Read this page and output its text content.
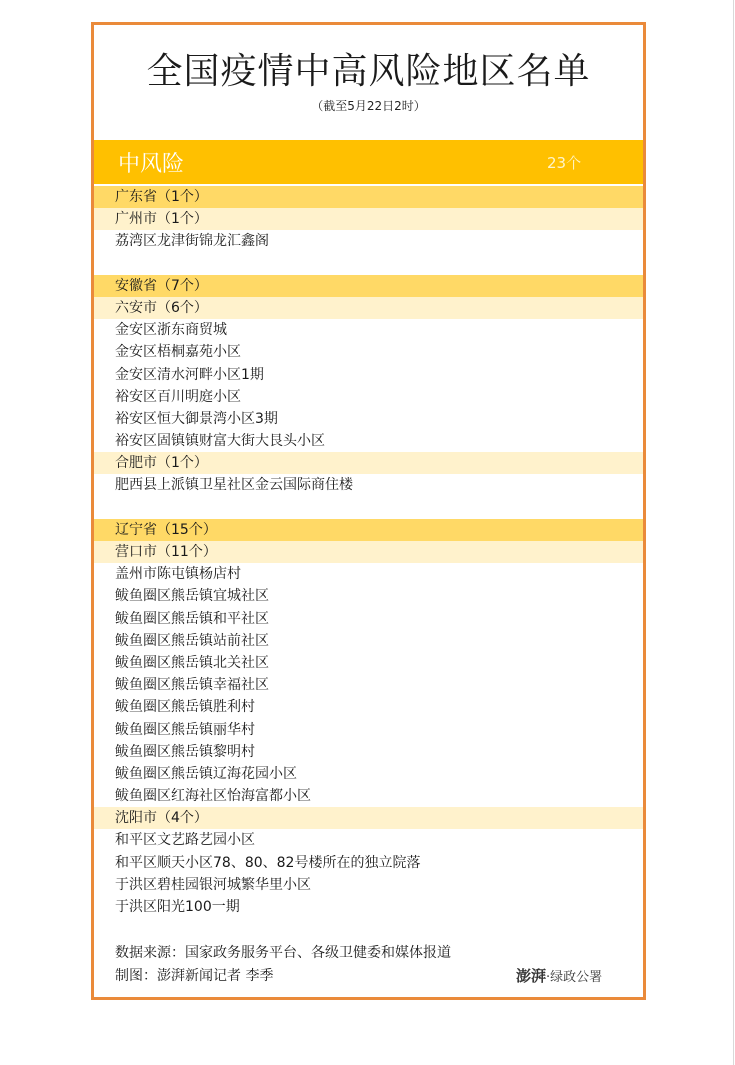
全国疫情中高风险地区名单
（截至5月22日2时）
中风险	23个
广东省（1个）
广州市（1个）
荔湾区龙津街锦龙汇鑫阁
安徽省（7个）
六安市（6个）
金安区浙东商贸城
金安区梧桐嘉苑小区
金安区清水河畔小区1期
裕安区百川明庭小区
裕安区恒大御景湾小区3期
裕安区固镇镇财富大街大艮头小区
合肥市（1个）
肥西县上派镇卫星社区金云国际商住楼
辽宁省（15个）
营口市（11个）
盖州市陈屯镇杨店村
鲅鱼圈区熊岳镇宜城社区
鲅鱼圈区熊岳镇和平社区
鲅鱼圈区熊岳镇站前社区
鲅鱼圈区熊岳镇北关社区
鲅鱼圈区熊岳镇幸福社区
鲅鱼圈区熊岳镇胜利村
鲅鱼圈区熊岳镇丽华村
鲅鱼圈区熊岳镇黎明村
鲅鱼圈区熊岳镇辽海花园小区
鲅鱼圈区红海社区怡海富都小区
沈阳市（4个）
和平区文艺路艺园小区
和平区顺天小区78、80、82号楼所在的独立院落
于洪区碧桂园银河城繁华里小区
于洪区阳光100一期
数据来源：国家政务服务平台、各级卫健委和媒体报道
制图：澎湃新闻记者 李季	澎湃·绿政公署
